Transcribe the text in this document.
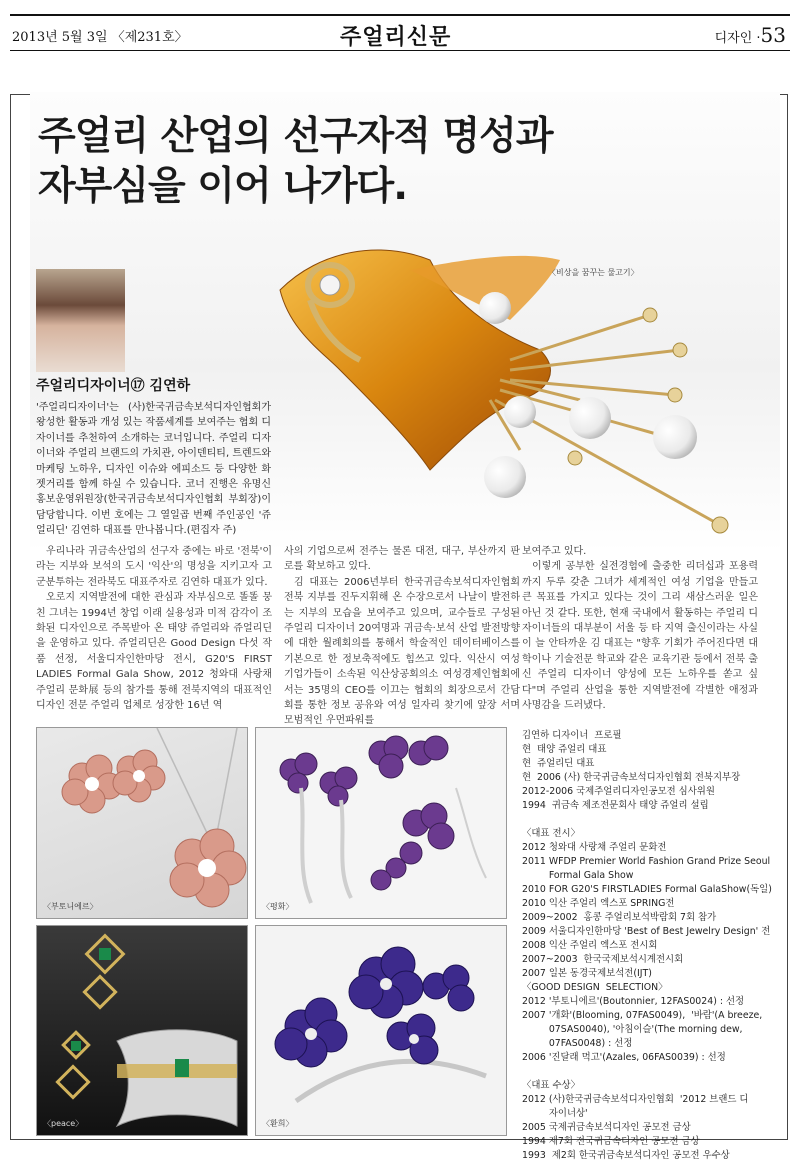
2013년 5월 3일 〈제231호〉	주얼리신문	디자인 ·53
주얼리 산업의 선구자적 명성과
자부심을 이어 나가다.
〈비상을 꿈꾸는 물고기〉
주얼리디자이너⑰ 김연하
'주얼리디자이너'는 (사)한국귀금속보석디자인협회가 왕성한 활동과 개성 있는 작품세계를 보여주는 협회 디자이너를 추천하여 소개하는 코너입니다. 주얼리 디자이너와 주얼리 브랜드의 가치관, 아이덴티티, 트렌드와 마케팅 노하우, 디자인 이슈와 에피소드 등 다양한 화젯거리를 함께 하실 수 있습니다. 코너 진행은 유명신 홍보운영위원장(한국귀금속보석디자인협회 부회장)이 담당합니다. 이번 호에는 그 열일곱 번째 주인공인 '쥬얼리딘' 김연하 대표를 만나봅니다.(편집자 주)

우리나라 귀금속산업의 선구자 중에는 바로 '전북'이라는 지부와 보석의 도시 '익산'의 명성을 지키고자 고군분투하는 전라북도 대표주자로 김연하 대표가 있다.

오로지 지역발전에 대한 관심과 자부심으로 똘똘 뭉친 그녀는 1994년 창업 이래 실용성과 미적 감각이 조화된 디자인으로 주목받아 온 태양 쥬얼리와 쥬얼리딘을 운영하고 있다. 쥬얼리딘은 Good Design 다섯 작품 선정, 서울디자인한마당 전시, G20'S FIRST LADIES Formal Gala Show, 2012 청와대 사랑채 주얼리 문화展 등의 참가를 통해 전북지역의 대표적인 디자인 전문 주얼리 업체로 성장한 16년 역

사의 기업으로써 전주는 물론 대전, 대구, 부산까지 판로를 확보하고 있다.

김 대표는 2006년부터 한국귀금속보석디자인협회 전북 지부를 진두지휘해 온 수장으로서 나날이 발전하는 지부의 모습을 보여주고 있으며, 교수들로 구성된 주얼리 디자이너 20여명과 귀금속·보석 산업 발전방향에 대한 월례회의를 통해서 학술적인 데이터베이스를 기본으로 한 정보축적에도 힘쓰고 있다. 익산시 여성 기업가들이 소속된 익산상공회의소 여성경제인협회에서는 35명의 CEO를 이끄는 협회의 회장으로서 간담회를 통한 정보 공유와 여성 일자리 찾기에 앞장 서며 모범적인 우먼파워를

보여주고 있다.

이렇게 공부한 실전경험에 출중한 리더십과 포용력까지 두루 갖춘 그녀가 세계적인 여성 기업을 만들고 큰 목표를 가지고 있다는 것이 그리 새삼스러운 일은 아닌 것 같다. 또한, 현재 국내에서 활동하는 주얼리 디자이너들의 대부분이 서울 등 타 지역 출신이라는 사실이 늘 안타까운 김 대표는 "향후 기회가 주어진다면 대학이나 기술전문 학교와 같은 교육기관 등에서 전북 출신 주얼리 디자이너 양성에 모든 노하우를 쏟고 싶다"며 주얼리 산업을 통한 지역발전에 각별한 애정과 사명감을 드러냈다.

〈부토니에르〉	〈평화〉
〈peace〉	〈환희〉
김연하 디자이너  프로필
현  태양 쥬얼리 대표
현  쥬얼리딘 대표
현  2006 (사) 한국귀금속보석디자인협회 전북지부장
2012-2006 국제주얼리디자인공모전 심사위원
1994  귀금속 제조전문회사 태양 쥬얼리 설립
〈대표 전시〉
2012 청와대 사랑채 주얼리 문화전
2011 WFDP Premier World Fashion Grand Prize Seoul
Formal Gala Show
2010 FOR G20'S FIRSTLADIES Formal GalaShow(독일)
2010 익산 주얼리 엑스포 SPRING전
2009~2002  홍콩 주얼리보석박람회 7회 참가
2009 서울디자인한마당 'Best of Best Jewelry Design' 전
2008 익산 주얼리 엑스포 전시회
2007~2003  한국국제보석시계전시회
2007 일본 동경국제보석전(IJT)
〈GOOD DESIGN  SELECTION〉
2012 '부토니에르'(Boutonnier, 12FAS0024) : 선정
2007 '개화'(Blooming, 07FAS0049),  '바람'(A breeze,
07SAS0040), '아침이슬'(The morning dew,
07FAS0048) : 선정
2006 '진달래 먹고'(Azales, 06FAS0039) : 선정
〈대표 수상〉
2012 (사)한국귀금속보석디자인협회  '2012 브랜드 디
자이너상'
2005 국제귀금속보석디자인 공모전 금상
1994 제7회 전국귀금속디자인 공모전 금상
1993  제2회 한국귀금속보석디자인 공모전 우수상
